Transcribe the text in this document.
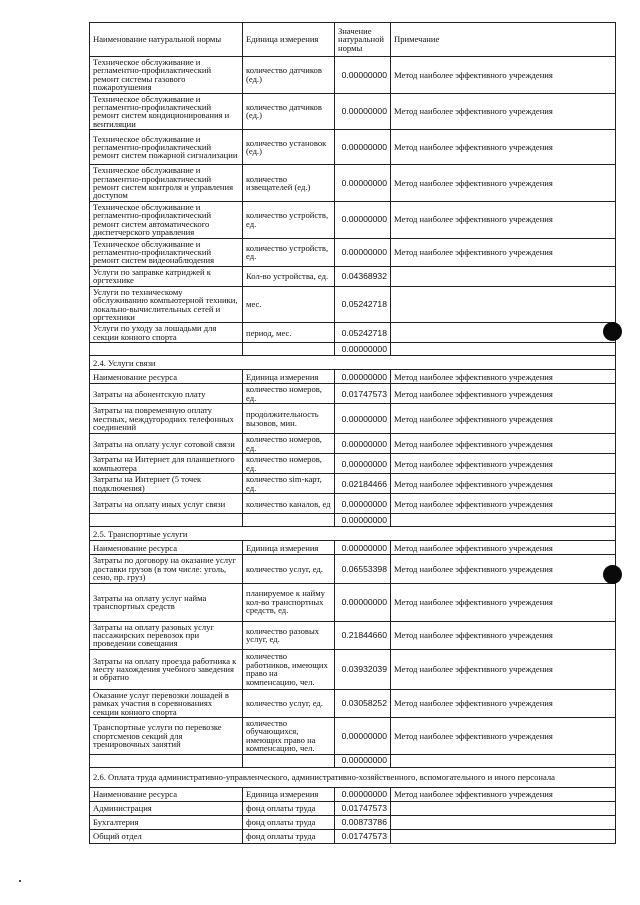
Наименование натуральной нормы	Единица измерения	Значение натуральной нормы	Примечание
Техническое обслуживание и регламентно-профилактический ремонт системы газового пожаротушения	количество датчиков (ед.)	0.00000000	Метод наиболее эффективного учреждения
Техническое обслуживание и регламентно-профилактический ремонт систем кондиционирования и вентиляции	количество датчиков (ед.)	0.00000000	Метод наиболее эффективного учреждения
Техническое обслуживание и регламентно-профилактический ремонт систем пожарной сигнализации	количество установок (ед.)	0.00000000	Метод наиболее эффективного учреждения
Техническое обслуживание и регламентно-профилактический ремонт систем контроля и управления доступом	количество извещателей (ед.)	0.00000000	Метод наиболее эффективного учреждения
Техническое обслуживание и регламентно-профилактический ремонт систем автоматического диспетчерского управления	количество устройств, ед.	0.00000000	Метод наиболее эффективного учреждения
Техническое обслуживание и регламентно-профилактический ремонт систем видеонаблюдения	количество устройств, ед.	0.00000000	Метод наиболее эффективного учреждения
Услуги по заправке катриджей к оргтехнике	Кол-во устройства, ед.	0.04368932	
Услуги по техническому обслуживанию компьютерной техники, локально-вычислительных сетей и оргтехники	мес.	0.05242718	
Услуги по уходу за лошадьми для секции конного спорта	период, мес.	0.05242718	
		0.00000000	
2.4. Услуги связи			
Наименование ресурса	Единица измерения	0.00000000	Метод наиболее эффективного учреждения
Затраты на абонентскую плату	количество номеров, ед.	0.01747573	Метод наиболее эффективного учреждения
Затраты на повременную оплату местных, междугородних телефонных соединений	продолжительность вызовов, мин.	0.00000000	Метод наиболее эффективного учреждения
Затраты на оплату услуг сотовой связи	количество номеров, ед.	0.00000000	Метод наиболее эффективного учреждения
Затраты на Интернет для планшетного компьютера	количество номеров, ед.	0.00000000	Метод наиболее эффективного учреждения
Затраты на Интернет (5 точек подключения)	количество sim-карт, ед.	0.02184466	Метод наиболее эффективного учреждения
Затраты на оплату иных услуг связи	количество каналов, ед	0.00000000	Метод наиболее эффективного учреждения
		0.00000000	
2.5. Транспортные услуги			
Наименование ресурса	Единица измерения	0.00000000	Метод наиболее эффективного учреждения
Затраты по договору на оказание услуг доставки грузов (в том числе: уголь, сено, пр. груз)	количество услуг, ед.	0.06553398	Метод наиболее эффективного учреждения
Затраты на оплату услуг найма транспортных средств	планируемое к найму кол-во транспортных средств, ед.	0.00000000	Метод наиболее эффективного учреждения
Затраты на оплату разовых услуг пассажирских перевозок при проведении совещания	количество разовых услуг, ед.	0.21844660	Метод наиболее эффективного учреждения
Затраты на оплату проезда работника к месту нахождения учебного заведения и обратно	количество работников, имеющих право на компенсацию, чел.	0.03932039	Метод наиболее эффективного учреждения
Оказание услуг перевозки лошадей в рамках участия в соревнованиях секции конного спорта	количество услуг, ед.	0.03058252	Метод наиболее эффективного учреждения
Транспортные услуги по перевозке спортсменов секций для тренировочных занятий	количество обучающихся, имеющих право на компенсацию, чел.	0.00000000	Метод наиболее эффективного учреждения
		0.00000000	
2.6. Оплата труда административно-управленческого, административно-хозяйственного, вспомогательного и иного персонала			
Наименование ресурса	Единица измерения	0.00000000	Метод наиболее эффективного учреждения
Администрация	фонд оплаты труда	0.01747573	
Бухгалтерия	фонд оплаты труда	0.00873786	
Общий отдел	фонд оплаты труда	0.01747573	
